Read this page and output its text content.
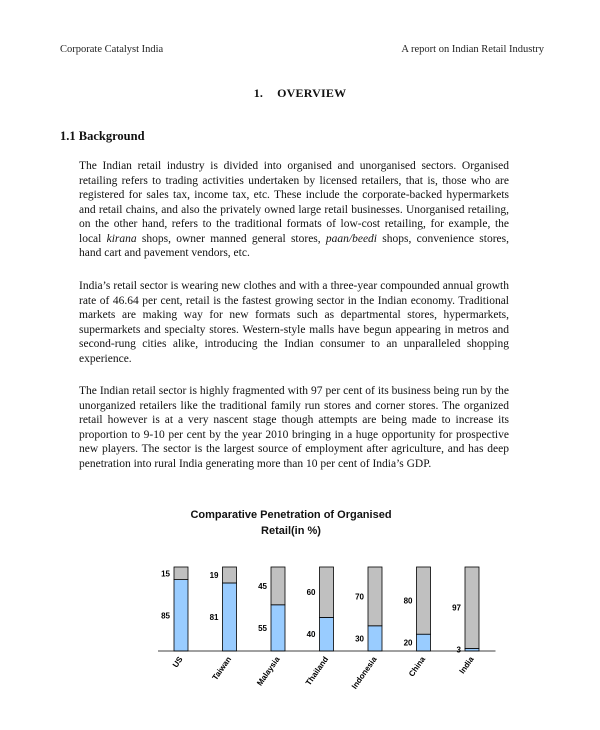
Corporate Catalyst India	A report on Indian Retail Industry
1. OVERVIEW
1.1 Background
The Indian retail industry is divided into organised and unorganised sectors. Organised retailing refers to trading activities undertaken by licensed retailers, that is, those who are registered for sales tax, income tax, etc. These include the corporate-backed hypermarkets and retail chains, and also the privately owned large retail businesses. Unorganised retailing, on the other hand, refers to the traditional formats of low-cost retailing, for example, the local kirana shops, owner manned general stores, paan/beedi shops, convenience stores, hand cart and pavement vendors, etc.
India’s retail sector is wearing new clothes and with a three-year compounded annual growth rate of 46.64 per cent, retail is the fastest growing sector in the Indian economy. Traditional markets are making way for new formats such as departmental stores, hypermarkets, supermarkets and specialty stores. Western-style malls have begun appearing in metros and second-rung cities alike, introducing the Indian consumer to an unparalleled shopping experience.
The Indian retail sector is highly fragmented with 97 per cent of its business being run by the unorganized retailers like the traditional family run stores and corner stores. The organized retail however is at a very nascent stage though attempts are being made to increase its proportion to 9-10 per cent by the year 2010 bringing in a huge opportunity for prospective new players. The sector is the largest source of employment after agriculture, and has deep penetration into rural India generating more than 10 per cent of India’s GDP.
Comparative Penetration of Organised
Retail(in %)
85
15
US
81
19
Taiwan
55
45
Malaysia
40
60
Thailand
30
70
Indonesia
20
80
China
3
97
India
